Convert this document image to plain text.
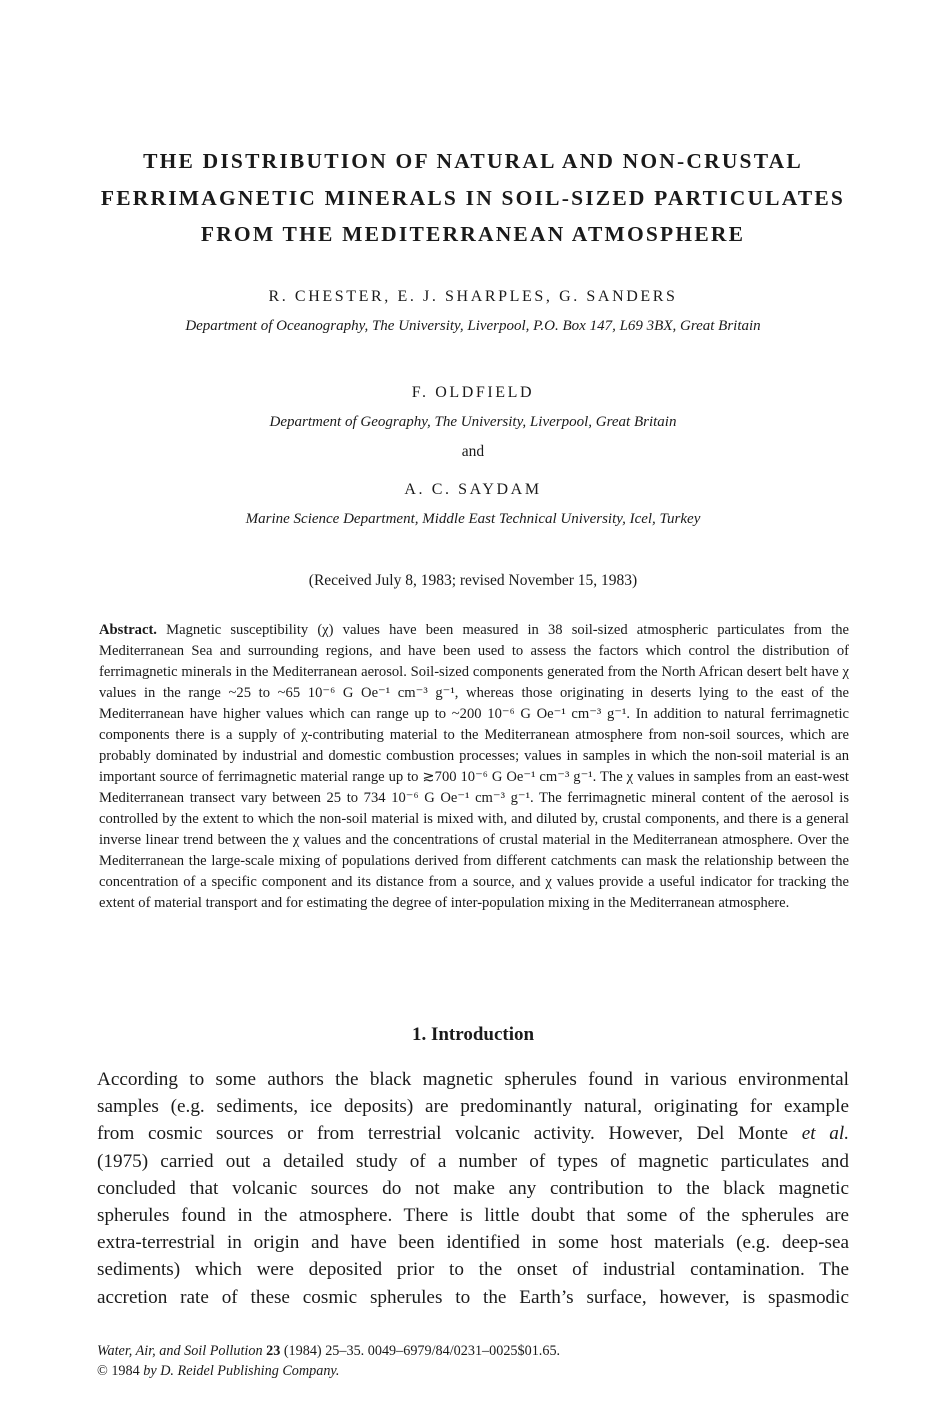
THE DISTRIBUTION OF NATURAL AND NON-CRUSTAL
FERRIMAGNETIC MINERALS IN SOIL-SIZED PARTICULATES
FROM THE MEDITERRANEAN ATMOSPHERE
R. CHESTER, E. J. SHARPLES, G. SANDERS
Department of Oceanography, The University, Liverpool, P.O. Box 147, L69 3BX, Great Britain
F. OLDFIELD
Department of Geography, The University, Liverpool, Great Britain
and
A. C. SAYDAM
Marine Science Department, Middle East Technical University, Icel, Turkey
(Received July 8, 1983; revised November 15, 1983)
Abstract. Magnetic susceptibility (χ) values have been measured in 38 soil-sized atmospheric particulates from the Mediterranean Sea and surrounding regions, and have been used to assess the factors which control the distribution of ferrimagnetic minerals in the Mediterranean aerosol. Soil-sized components generated from the North African desert belt have χ values in the range ~25 to ~65 10⁻⁶ G Oe⁻¹ cm⁻³ g⁻¹, whereas those originating in deserts lying to the east of the Mediterranean have higher values which can range up to ~200 10⁻⁶ G Oe⁻¹ cm⁻³ g⁻¹. In addition to natural ferrimagnetic components there is a supply of χ-contributing material to the Mediterranean atmosphere from non-soil sources, which are probably dominated by industrial and domestic combustion processes; values in samples in which the non-soil material is an important source of ferrimagnetic material range up to ≳700 10⁻⁶ G Oe⁻¹ cm⁻³ g⁻¹. The χ values in samples from an east-west Mediterranean transect vary between 25 to 734 10⁻⁶ G Oe⁻¹ cm⁻³ g⁻¹. The ferrimagnetic mineral content of the aerosol is controlled by the extent to which the non-soil material is mixed with, and diluted by, crustal components, and there is a general inverse linear trend between the χ values and the concentrations of crustal material in the Mediterranean atmosphere. Over the Mediterranean the large-scale mixing of populations derived from different catchments can mask the relationship between the concentration of a specific component and its distance from a source, and χ values provide a useful indicator for tracking the extent of material transport and for estimating the degree of inter-population mixing in the Mediterranean atmosphere.
1. Introduction
According to some authors the black magnetic spherules found in various environmental
samples (e.g. sediments, ice deposits) are predominantly natural, originating for example
from cosmic sources or from terrestrial volcanic activity. However, Del Monte et al.
(1975) carried out a detailed study of a number of types of magnetic particulates and
concluded that volcanic sources do not make any contribution to the black magnetic
spherules found in the atmosphere. There is little doubt that some of the spherules are
extra-terrestrial in origin and have been identified in some host materials (e.g. deep-sea
sediments) which were deposited prior to the onset of industrial contamination. The
accretion rate of these cosmic spherules to the Earth’s surface, however, is spasmodic
Water, Air, and Soil Pollution 23 (1984) 25–35. 0049–6979/84/0231–0025$01.65.
© 1984 by D. Reidel Publishing Company.
